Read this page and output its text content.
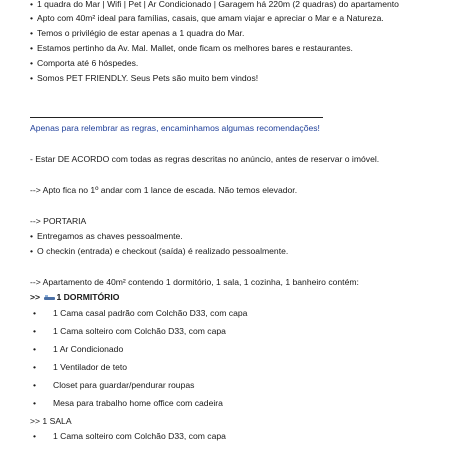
• 1 quadra do Mar | Wifi | Pet | Ar Condicionado | Garagem há 220m (2 quadras) do apartamento
• Apto com 40m² ideal para famílias, casais, que amam viajar e apreciar o Mar e a Natureza.
• Temos o privilégio de estar apenas a 1 quadra do Mar.
• Estamos pertinho da Av. Mal. Mallet, onde ficam os melhores bares e restaurantes.
• Comporta até 6 hóspedes.
• Somos PET FRIENDLY. Seus Pets são muito bem vindos!
Apenas para relembrar as regras, encaminhamos algumas recomendações!
- Estar DE ACORDO com todas as regras descritas no anúncio, antes de reservar o imóvel.
--> Apto fica no 1º andar com 1 lance de escada. Não temos elevador.
--> PORTARIA
• Entregamos as chaves pessoalmente.
• O checkin (entrada) e checkout (saída) é realizado pessoalmente.
--> Apartamento de 40m² contendo 1 dormitório, 1 sala, 1 cozinha, 1 banheiro contém:
>>
1 DORMITÓRIO
• 1 Cama casal padrão com Colchão D33, com capa
• 1 Cama solteiro com Colchão D33, com capa
• 1 Ar Condicionado
• 1 Ventilador de teto
• Closet para guardar/pendurar roupas
• Mesa para trabalho home office com cadeira
>> 1 SALA
• 1 Cama solteiro com Colchão D33, com capa
